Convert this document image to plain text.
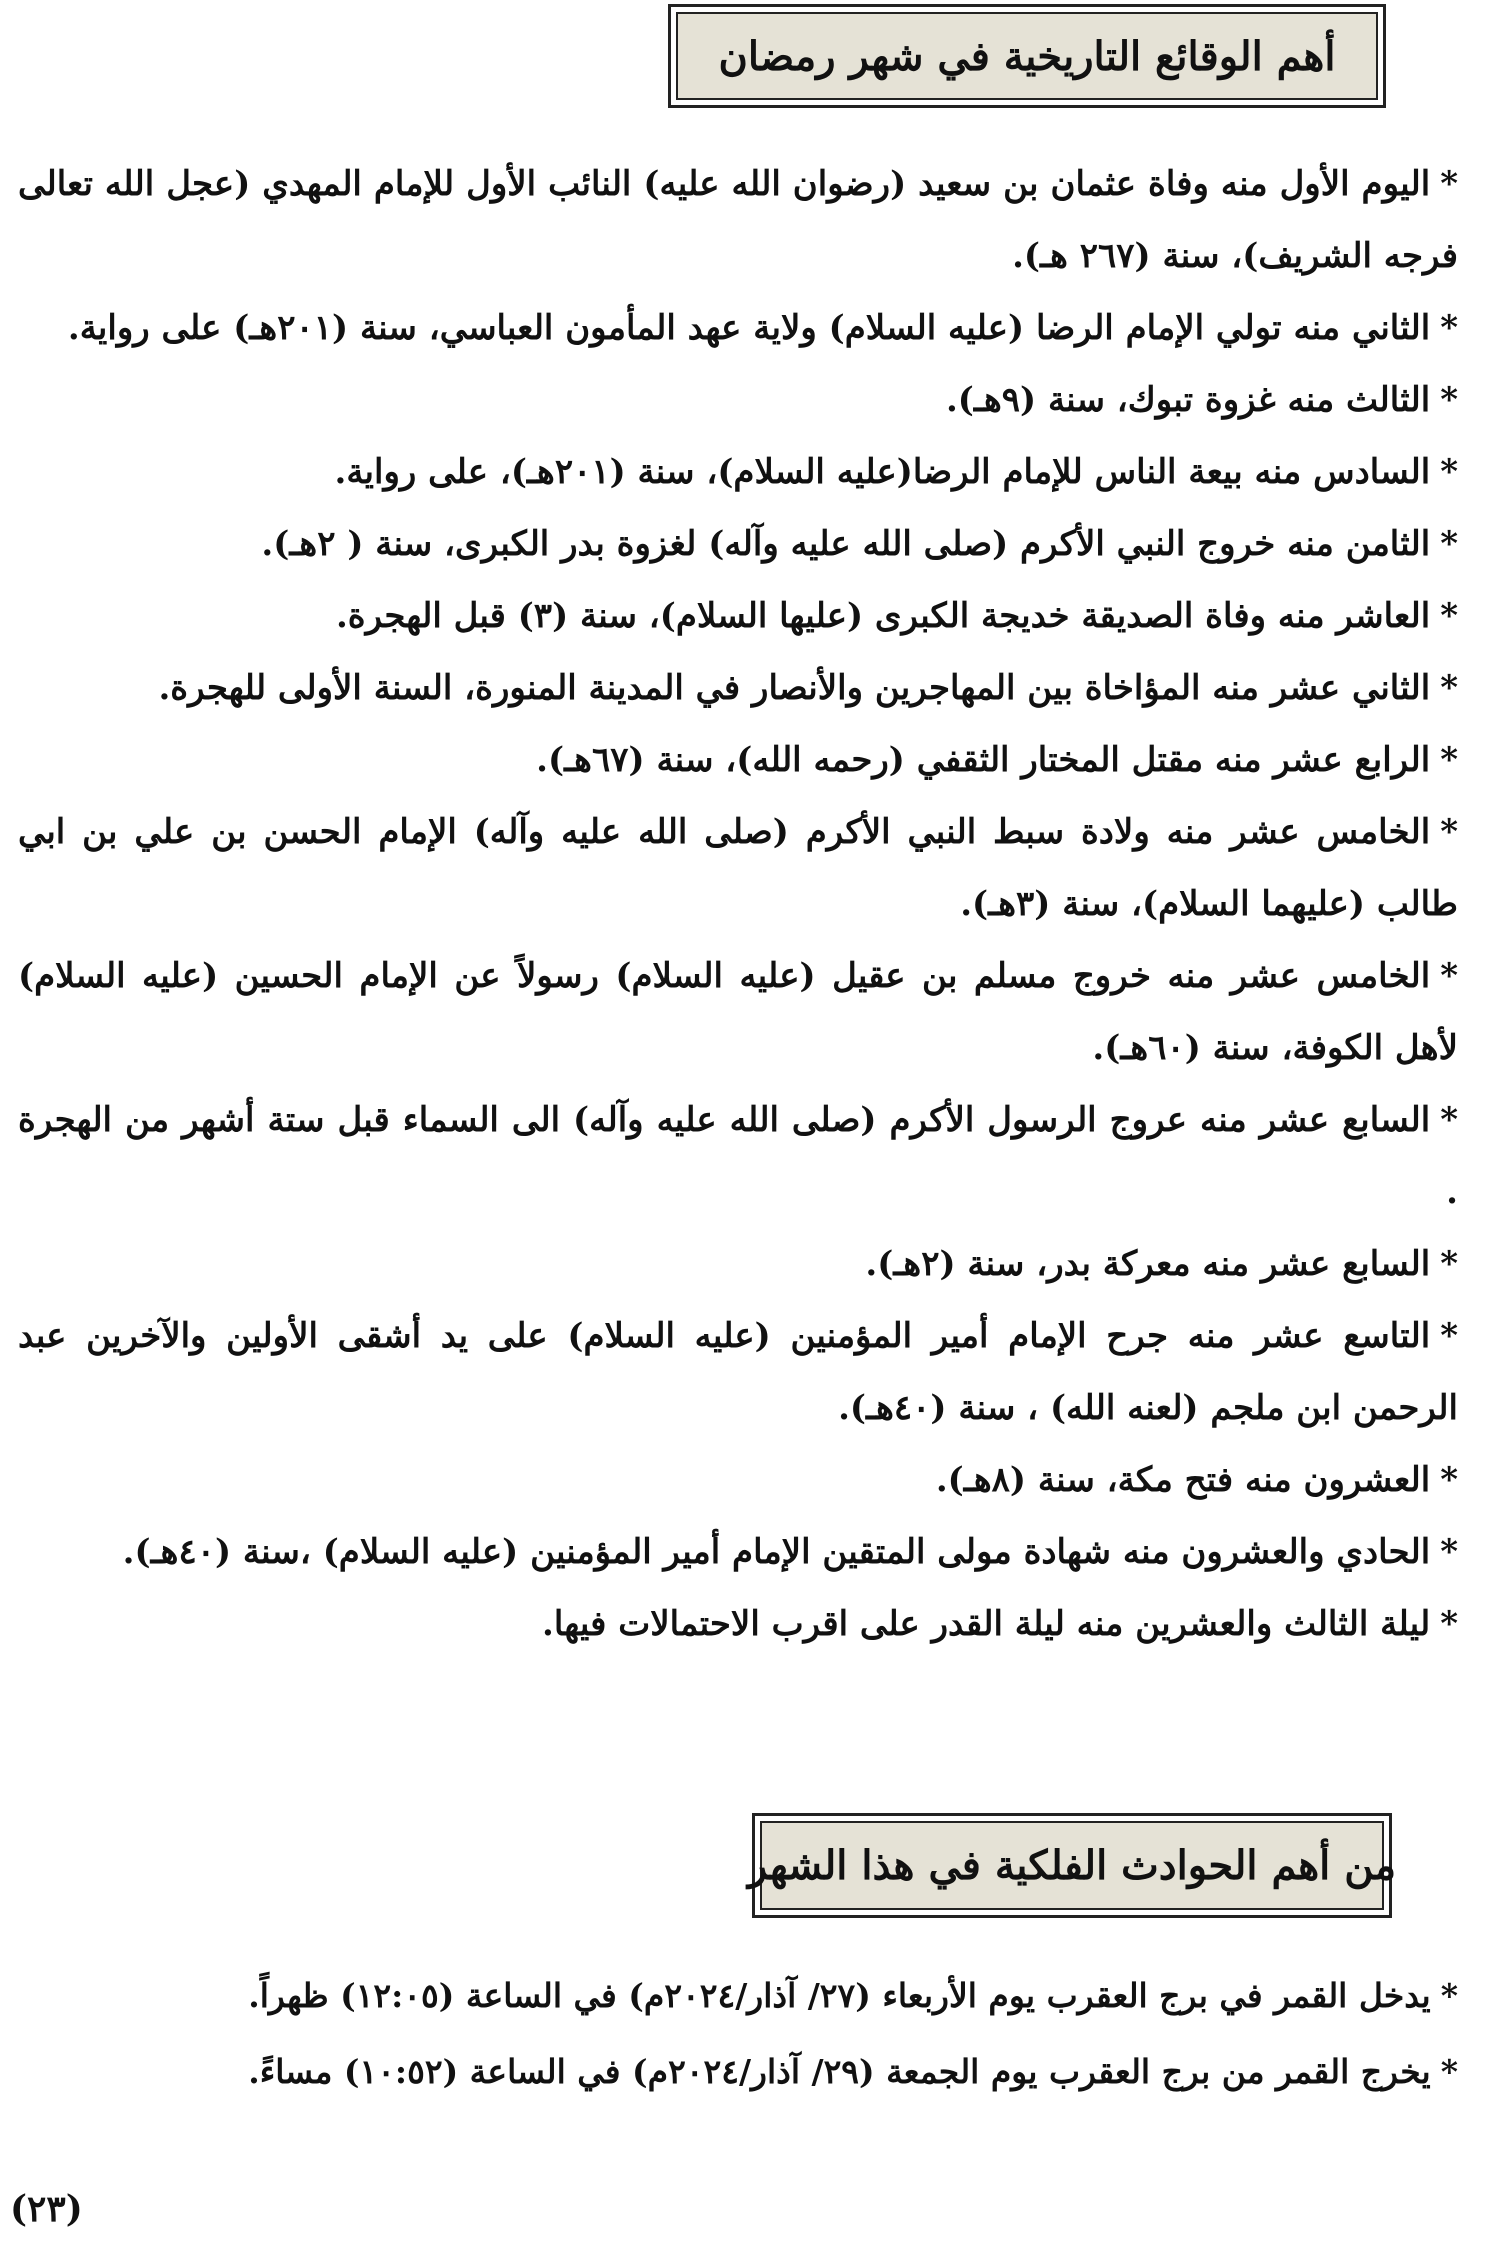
أهم الوقائع التاريخية في شهر رمضان
*اليوم الأول منه وفاة عثمان بن سعيد (رضوان الله عليه) النائب الأول للإمام المهدي (عجل الله تعالى فرجه الشريف)، سنة (٢٦٧ هـ).
*الثاني منه تولي الإمام الرضا (عليه السلام) ولاية عهد المأمون العباسي، سنة (٢٠١هـ) على رواية.
*الثالث منه غزوة تبوك، سنة (٩هـ).
*السادس منه بيعة الناس للإمام الرضا(عليه السلام)، سنة (٢٠١هـ)، على رواية.
*الثامن منه خروج النبي الأكرم (صلى الله عليه وآله) لغزوة بدر الكبرى، سنة ( ٢هـ).
*العاشر منه وفاة الصديقة خديجة الكبرى (عليها السلام)، سنة (٣) قبل الهجرة.
*الثاني عشر منه المؤاخاة بين المهاجرين والأنصار في المدينة المنورة، السنة الأولى للهجرة.
*الرابع عشر منه مقتل المختار الثقفي (رحمه الله)، سنة (٦٧هـ).
*الخامس عشر منه ولادة سبط النبي الأكرم (صلى الله عليه وآله) الإمام الحسن بن علي بن ابي طالب (عليهما السلام)، سنة (٣هـ).
*الخامس عشر منه خروج مسلم بن عقيل (عليه السلام) رسولاً عن الإمام الحسين (عليه السلام) لأهل الكوفة، سنة (٦٠هـ).
*السابع عشر منه عروج الرسول الأكرم (صلى الله عليه وآله) الى السماء قبل ستة أشهر من الهجرة .
*السابع عشر منه معركة بدر، سنة (٢هـ).
*التاسع عشر منه جرح الإمام أمير المؤمنين (عليه السلام) على يد أشقى الأولين والآخرين عبد الرحمن ابن ملجم (لعنه الله) ، سنة (٤٠هـ).
*العشرون منه فتح مكة، سنة (٨هـ).
*الحادي والعشرون منه شهادة مولى المتقين الإمام أمير المؤمنين (عليه السلام) ،سنة (٤٠هـ).
*ليلة الثالث والعشرين منه ليلة القدر على اقرب الاحتمالات فيها.
من أهم الحوادث الفلكية في هذا الشهر
*يدخل القمر في برج العقرب يوم الأربعاء (٢٧/ آذار/٢٠٢٤م) في الساعة (١٢:٠٥) ظهراً.
*يخرج القمر من برج العقرب يوم الجمعة (٢٩/ آذار/٢٠٢٤م) في الساعة (١٠:٥٢) مساءً.
(٢٣)
